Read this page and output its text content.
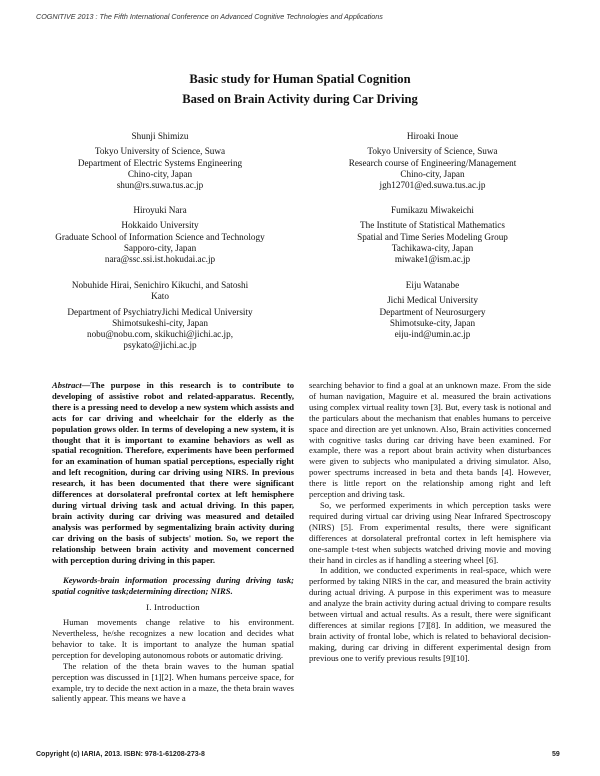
COGNITIVE 2013 : The Fifth International Conference on Advanced Cognitive Technologies and Applications
Basic study for Human Spatial Cognition
Based on Brain Activity during Car Driving
Shunji Shimizu
Tokyo University of Science, Suwa
Department of Electric Systems Engineering
Chino-city, Japan
shun@rs.suwa.tus.ac.jp
Hiroaki Inoue
Tokyo University of Science, Suwa
Research course of Engineering/Management
Chino-city, Japan
jgh12701@ed.suwa.tus.ac.jp
Hiroyuki Nara
Hokkaido University
Graduate School of Information Science and Technology
Sapporo-city, Japan
nara@ssc.ssi.ist.hokudai.ac.jp
Fumikazu Miwakeichi
The Institute of Statistical Mathematics
Spatial and Time Series Modeling Group
Tachikawa-city, Japan
miwake1@ism.ac.jp
Nobuhide Hirai, Senichiro Kikuchi, and Satoshi
Kato
Department of PsychiatryJichi Medical University
Shimotsukeshi-city, Japan
nobu@nobu.com, skikuchi@jichi.ac.jp,
psykato@jichi.ac.jp
Eiju Watanabe
Jichi Medical University
Department of Neurosurgery
Shimotsuke-city, Japan
eiju-ind@umin.ac.jp

Abstract—The purpose in this research is to contribute to developing of assistive robot and related-apparatus. Recently, there is a pressing need to develop a new system which assists and acts for car driving and wheelchair for the elderly as the population grows older. In terms of developing a new system, it is thought that it is important to examine behaviors as well as spatial recognition. Therefore, experiments have been performed for an examination of human spatial perceptions, especially right and left recognition, during car driving using NIRS. In previous research, it has been documented that there were significant differences at dorsolateral prefrontal cortex at left hemisphere during virtual driving task and actual driving. In this paper, brain activity during car driving was measured and detailed analysis was performed by segmentalizing brain activity during car driving on the basis of subjects' motion. So, we report the relationship between brain activity and movement concerned with perception during driving in this paper.

Keywords-brain information processing during driving task; spatial cognitive task;determining direction; NIRS.

I. Introduction

Human movements change relative to his environment. Nevertheless, he/she recognizes a new location and decides what behavior to take. It is important to analyze the human spatial perception for developing autonomous robots or automatic driving.

The relation of the theta brain waves to the human spatial perception was discussed in [1][2]. When humans perceive space, for example, try to decide the next action in a maze, the theta brain waves saliently appear. This means we have a

searching behavior to find a goal at an unknown maze. From the side of human navigation, Maguire et al. measured the brain activations using complex virtual reality town [3]. But, every task is notional and the particulars about the mechanism that enables humans to perceive space and direction are yet unknown. Also, Brain activities concerned with cognitive tasks during car driving have been examined. For example, there was a report about brain activity when disturbances were given to subjects who manipulated a driving simulator. Also, power spectrums increased in beta and theta bands [4]. However, there is little report on the relationship among right and left perception and driving task.

So, we performed experiments in which perception tasks were required during virtual car driving using Near Infrared Spectroscopy (NIRS) [5]. From experimental results, there were significant differences at dorsolateral prefrontal cortex in left hemisphere via one-sample t-test when subjects watched driving movie and moving their hand in circles as if handling a steering wheel [6].

In addition, we conducted experiments in real-space, which were performed by taking NIRS in the car, and measured the brain activity during actual driving. A purpose in this experiment was to measure and analyze the brain activity during actual driving to compare results between virtual and actual results. As a result, there were significant differences at similar regions [7][8]. In addition, we measured the brain activity of frontal lobe, which is related to behavioral decision-making, during car driving in different experimental design from previous one to verify previous results [9][10].

Copyright (c) IARIA, 2013. ISBN: 978-1-61208-273-8	59
